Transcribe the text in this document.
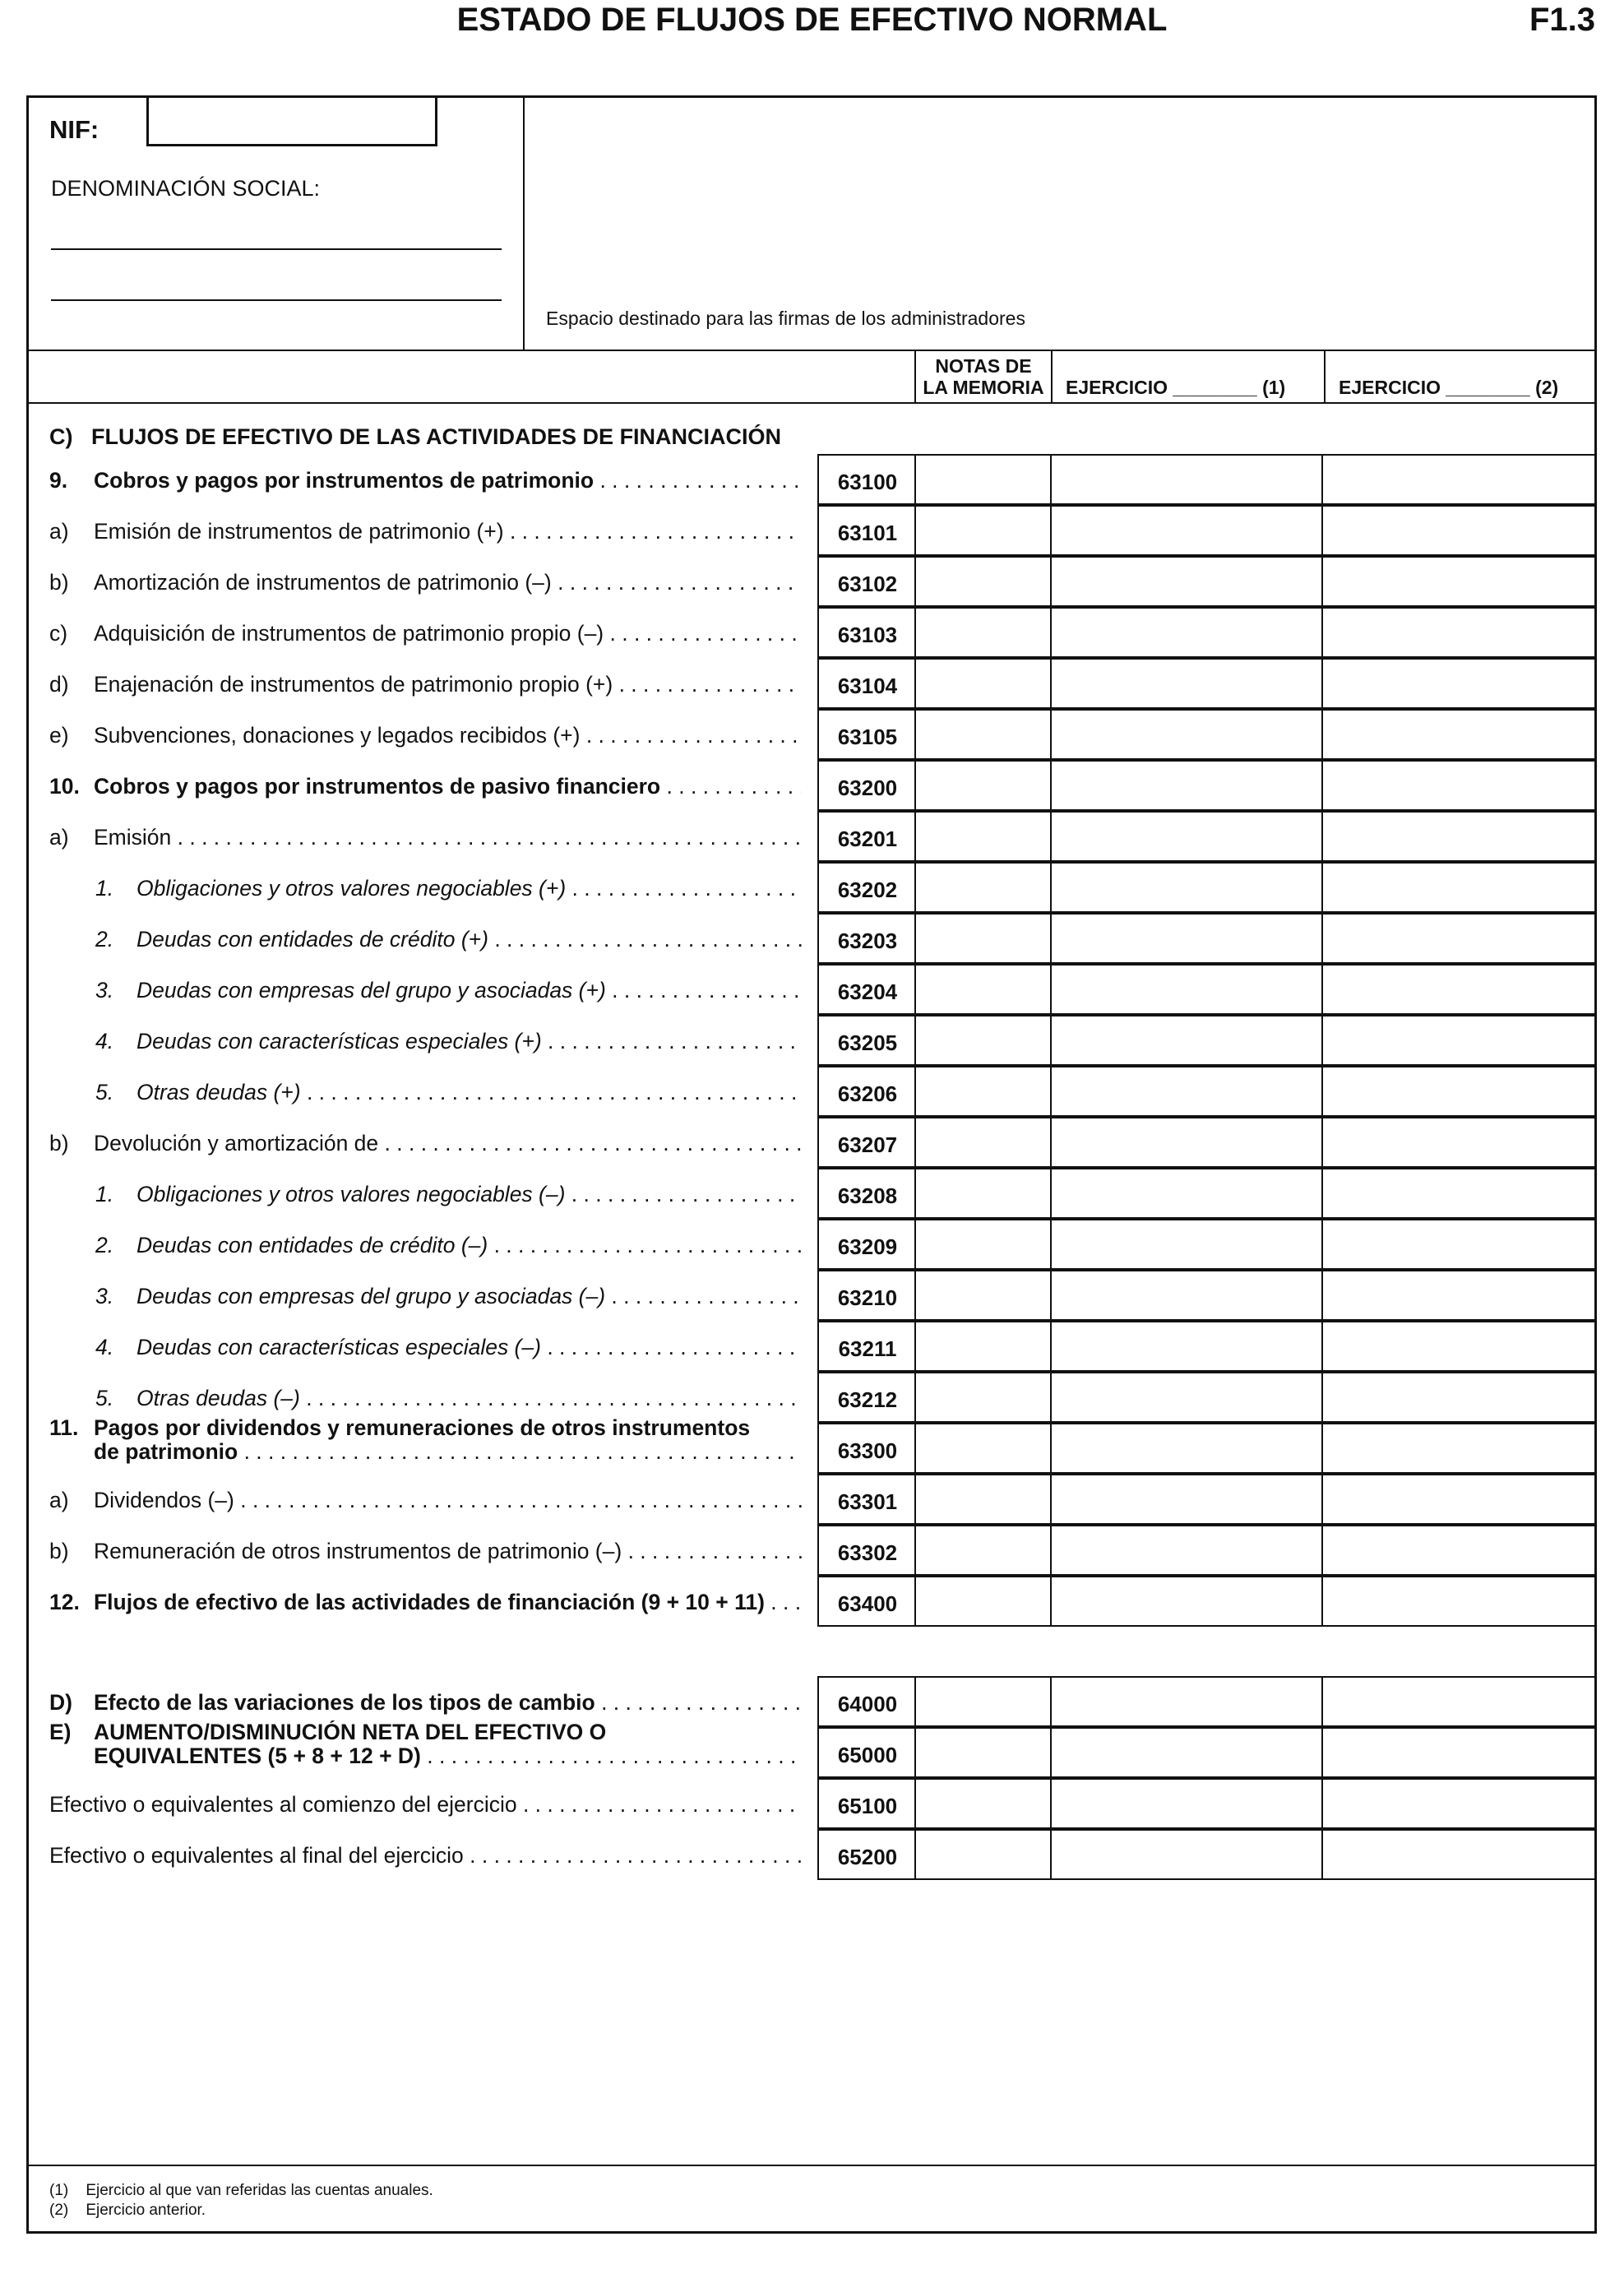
ESTADO DE FLUJOS DE EFECTIVO NORMAL	F1.3
NIF:
DENOMINACIÓN SOCIAL:
Espacio destinado para las firmas de los administradores
NOTAS DE
LA MEMORIA	EJERCICIO ________ (1)	EJERCICIO ________ (2)
C)   FLUJOS DE EFECTIVO DE LAS ACTIVIDADES DE FINANCIACIÓN
9. Cobros y pagos por instrumentos de patrimonio . . .	63100
a) Emisión de instrumentos de patrimonio (+) . . .	63101
b) Amortización de instrumentos de patrimonio (–) . . .	63102
c) Adquisición de instrumentos de patrimonio propio (–) . . .	63103
d) Enajenación de instrumentos de patrimonio propio (+) . . .	63104
e) Subvenciones, donaciones y legados recibidos (+) . . .	63105
10. Cobros y pagos por instrumentos de pasivo financiero . . .	63200
a) Emisión . . .	63201
1. Obligaciones y otros valores negociables (+) . . .	63202
2. Deudas con entidades de crédito (+) . . .	63203
3. Deudas con empresas del grupo y asociadas (+) . . .	63204
4. Deudas con características especiales (+) . . .	63205
5. Otras deudas (+) . . .	63206
b) Devolución y amortización de . . .	63207
1. Obligaciones y otros valores negociables (–) . . .	63208
2. Deudas con entidades de crédito (–) . . .	63209
3. Deudas con empresas del grupo y asociadas (–) . . .	63210
4. Deudas con características especiales (–) . . .	63211
5. Otras deudas (–) . . .	63212
11. Pagos por dividendos y remuneraciones de otros instrumentos
de patrimonio . . .	63300
a) Dividendos (–) . . .	63301
b) Remuneración de otros instrumentos de patrimonio (–) . . .	63302
12. Flujos de efectivo de las actividades de financiación (9 + 10 + 11) . . .	63400
D) Efecto de las variaciones de los tipos de cambio . . .	64000
E) AUMENTO/DISMINUCIÓN NETA DEL EFECTIVO O
EQUIVALENTES (5 + 8 + 12 + D) . . .	65000
Efectivo o equivalentes al comienzo del ejercicio . . .	65100
Efectivo o equivalentes al final del ejercicio . . .	65200
(1)    Ejercicio al que van referidas las cuentas anuales.
(2)    Ejercicio anterior.
